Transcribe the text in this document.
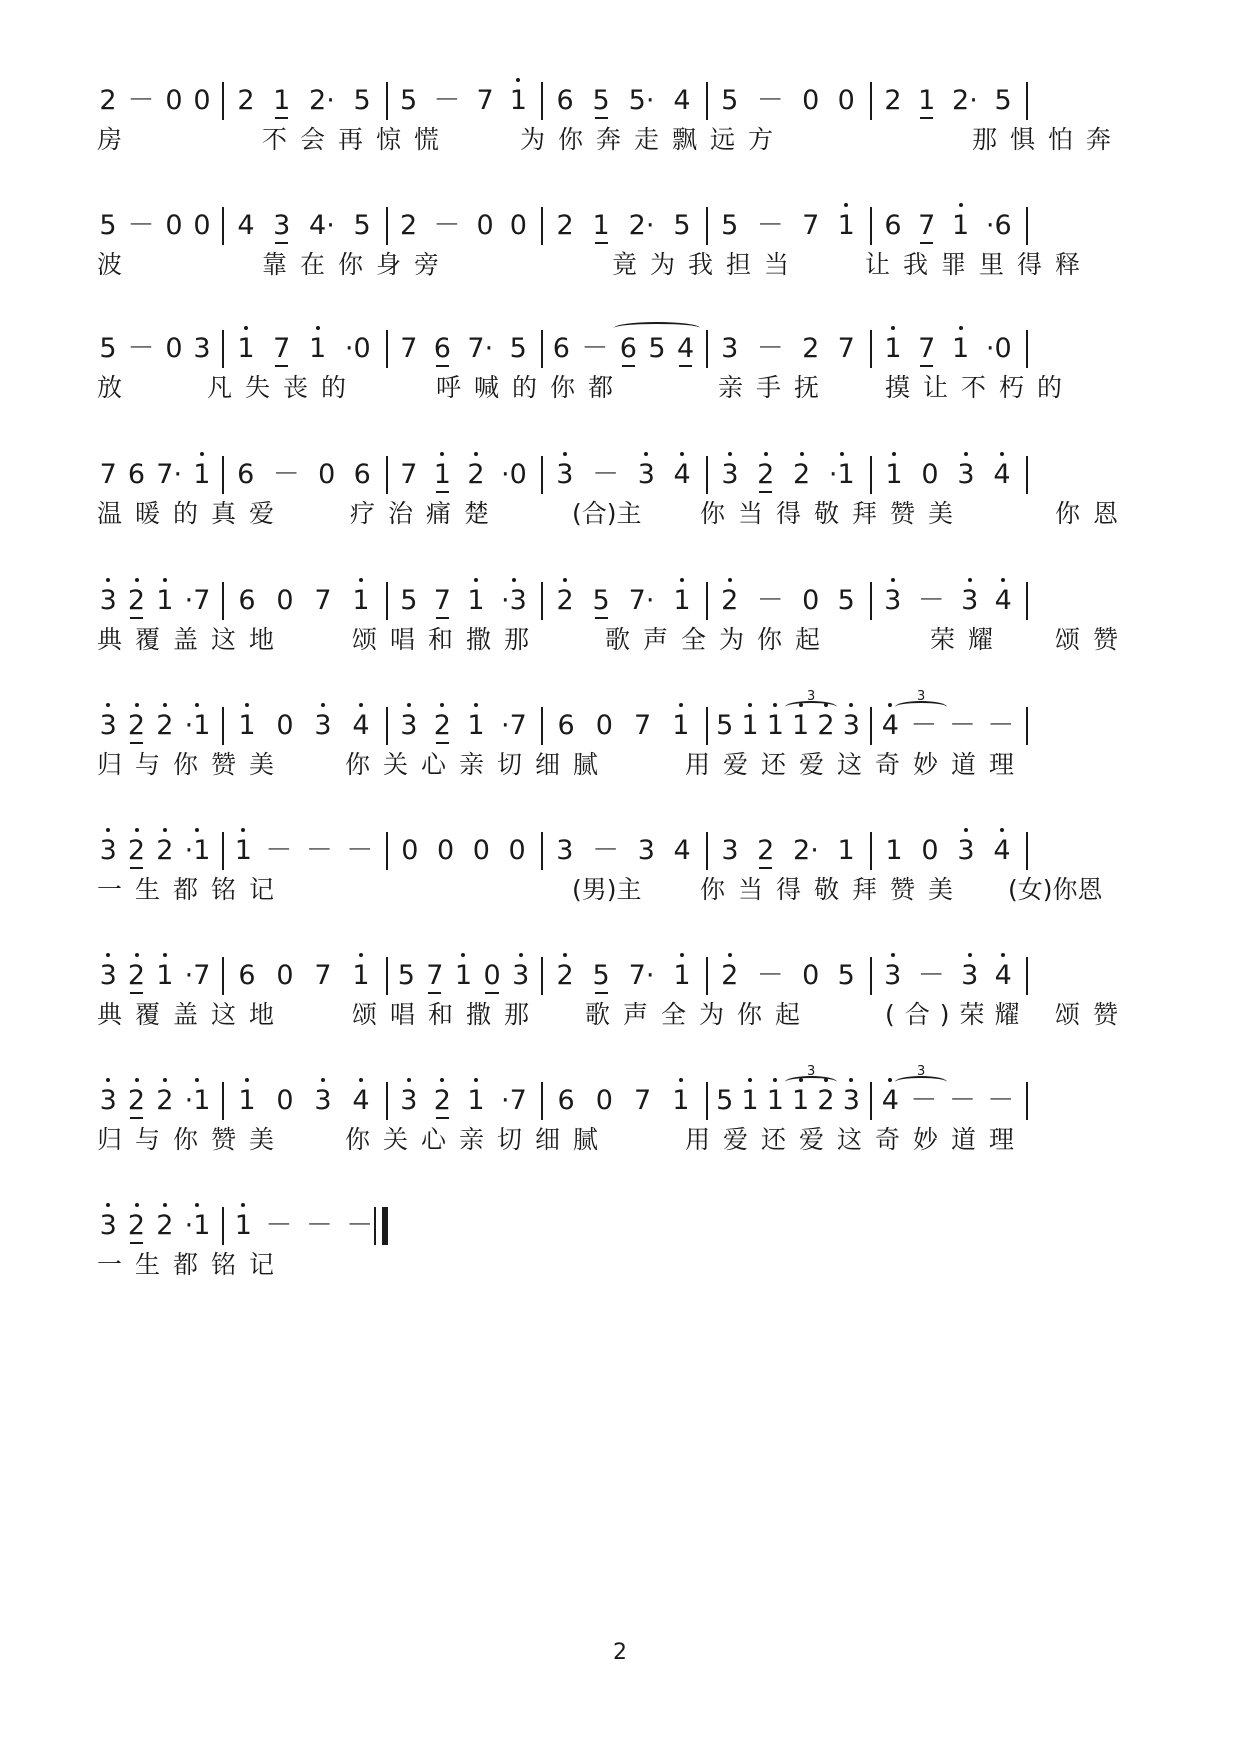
2 － 0 0 2 1 2· 5 5 － 7 1 6 5 5· 4 5 － 0 0 2 1 2· 5
房	不会再惊慌	为你奔走飘远方	那惧怕奔
5 － 0 0 4 3 4· 5 2 － 0 0 2 1 2· 5 5 － 7 1 6 7 1 ·6
波	靠在你身旁	竟为我担当	让我罪里得释
5 － 0 3 1 7 1 ·0 7 6 7· 5 6 － 6 5 4 3 － 2 7 1 7 1 ·0
放	凡失丧的	呼喊的你都	亲手抚 摸让不朽的
7 6 7· 1 6 － 0 6 7 1 2 ·0 3 － 3 4 3 2 2 ·1 1 0 3 4
温暖的真爱	疗治痛楚	(合)主 你当得敬拜赞美	你恩
3 2 1 ·7 6 0 7 1 5 7 1 ·3 2 5 7· 1 2 － 0 5 3 － 3 4
典覆盖这地	颂唱和撒那	歌声全为你起	荣耀 颂赞
3 2 2 ·1 1 0 3 4 3 2 1 ·7 6 0 7 1 5 1 1 1 2 3 4 － － －
3	3
归与你赞美 你关心亲切细腻	用爱还爱这奇妙道理
3 2 2 ·1 1 － － － 0 0 0 0 3 － 3 4 3 2 2· 1 1 0 3 4
一生都铭记	(男)主 你当得敬拜赞美 (女)你恩
3 2 1 ·7 6 0 7 1 5 7 1 0 3 2 5 7· 1 2 － 0 5 3 － 3 4
典覆盖这地	颂唱和撒那 歌声全为你起	(合)荣耀 颂赞
3 2 2 ·1 1 0 3 4 3 2 1 ·7 6 0 7 1 5 1 1 1 2 3 4 － － －
3	3
归与你赞美 你关心亲切细腻	用爱还爱这奇妙道理
3 2 2 ·1 1 － － －
一生都铭记
2
